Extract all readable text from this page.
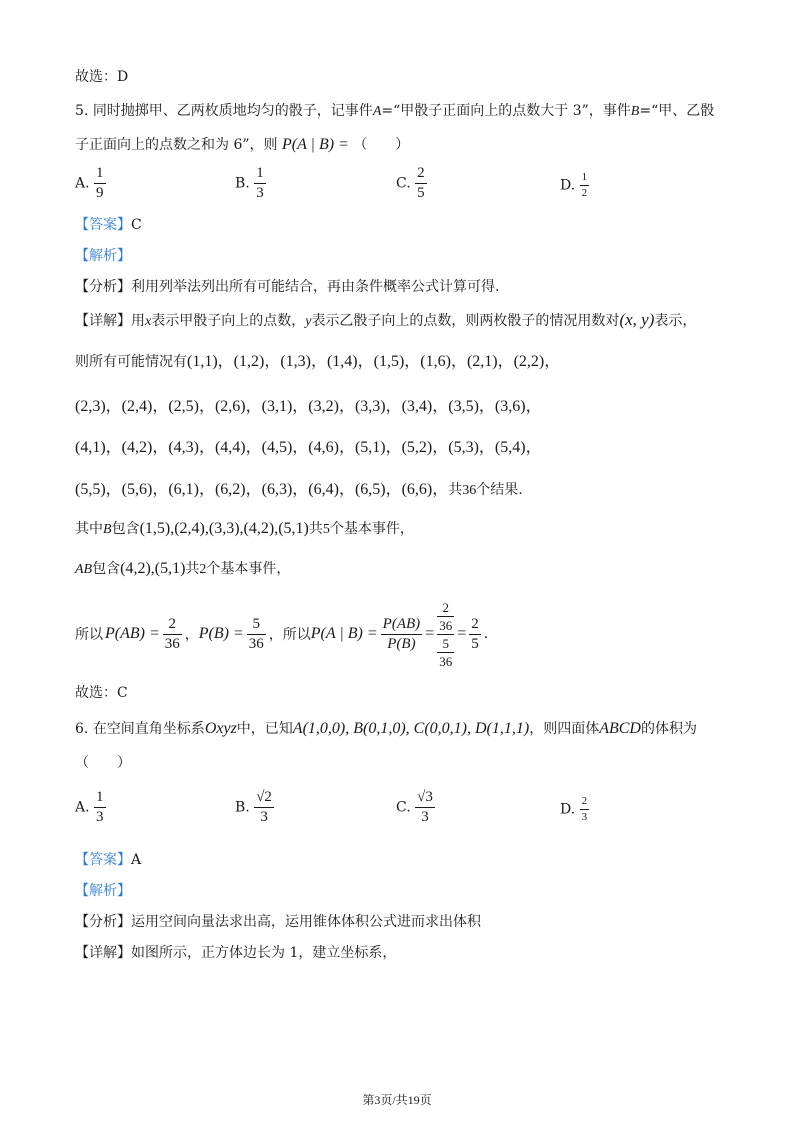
故选：D
5. 同时抛掷甲、乙两枚质地均匀的骰子，记事件A=“甲骰子正面向上的点数大于 3”，事件B=“甲、乙骰
子正面向上的点数之和为 6”，则 P(A | B) = （　　）
A. $\frac{1}{9}$	B. $\frac{1}{3}$	C. $\frac{2}{5}$	D. $\frac{1}{2}$
【答案】C
【解析】
【分析】利用列举法列出所有可能结合，再由条件概率公式计算可得.
【详解】用x表示甲骰子向上的点数，y表示乙骰子向上的点数，则两枚骰子的情况用数对(x, y)表示，
则所有可能情况有(1,1)，(1,2)，(1,3)，(1,4)，(1,5)，(1,6)，(2,1)，(2,2)，
(2,3)，(2,4)，(2,5)，(2,6)，(3,1)，(3,2)，(3,3)，(3,4)，(3,5)，(3,6)，
(4,1)，(4,2)，(4,3)，(4,4)，(4,5)，(4,6)，(5,1)，(5,2)，(5,3)，(5,4)，
(5,5)，(5,6)，(6,1)，(6,2)，(6,3)，(6,4)，(6,5)，(6,6)，共36个结果.
其中B包含(1,5),(2,4),(3,3),(4,2),(5,1)共5个基本事件，
AB包含(4,2),(5,1)共2个基本事件，
所以 $P(AB) = \frac{2}{36}$ ， $P(B) = \frac{5}{36}$ ，所以 P(A | $B) = \frac{P(AB)}{P(B)}$ =
2
36
5
36
= $\frac{2}{5}$ .
故选：C
6. 在空间直角坐标系Oxyz中，已知A(1,0,0), B(0,1,0), C(0,0,1), D(1,1,1)，则四面体ABCD的体积为
（　　）
A. $\frac{1}{3}$	B. $\frac{√2}{3}$	C. $\frac{√3}{3}$	D. $\frac{2}{3}$
【答案】A
【解析】
【分析】运用空间向量法求出高，运用锥体体积公式进而求出体积
【详解】如图所示，正方体边长为 1，建立坐标系，
第3页/共19页
